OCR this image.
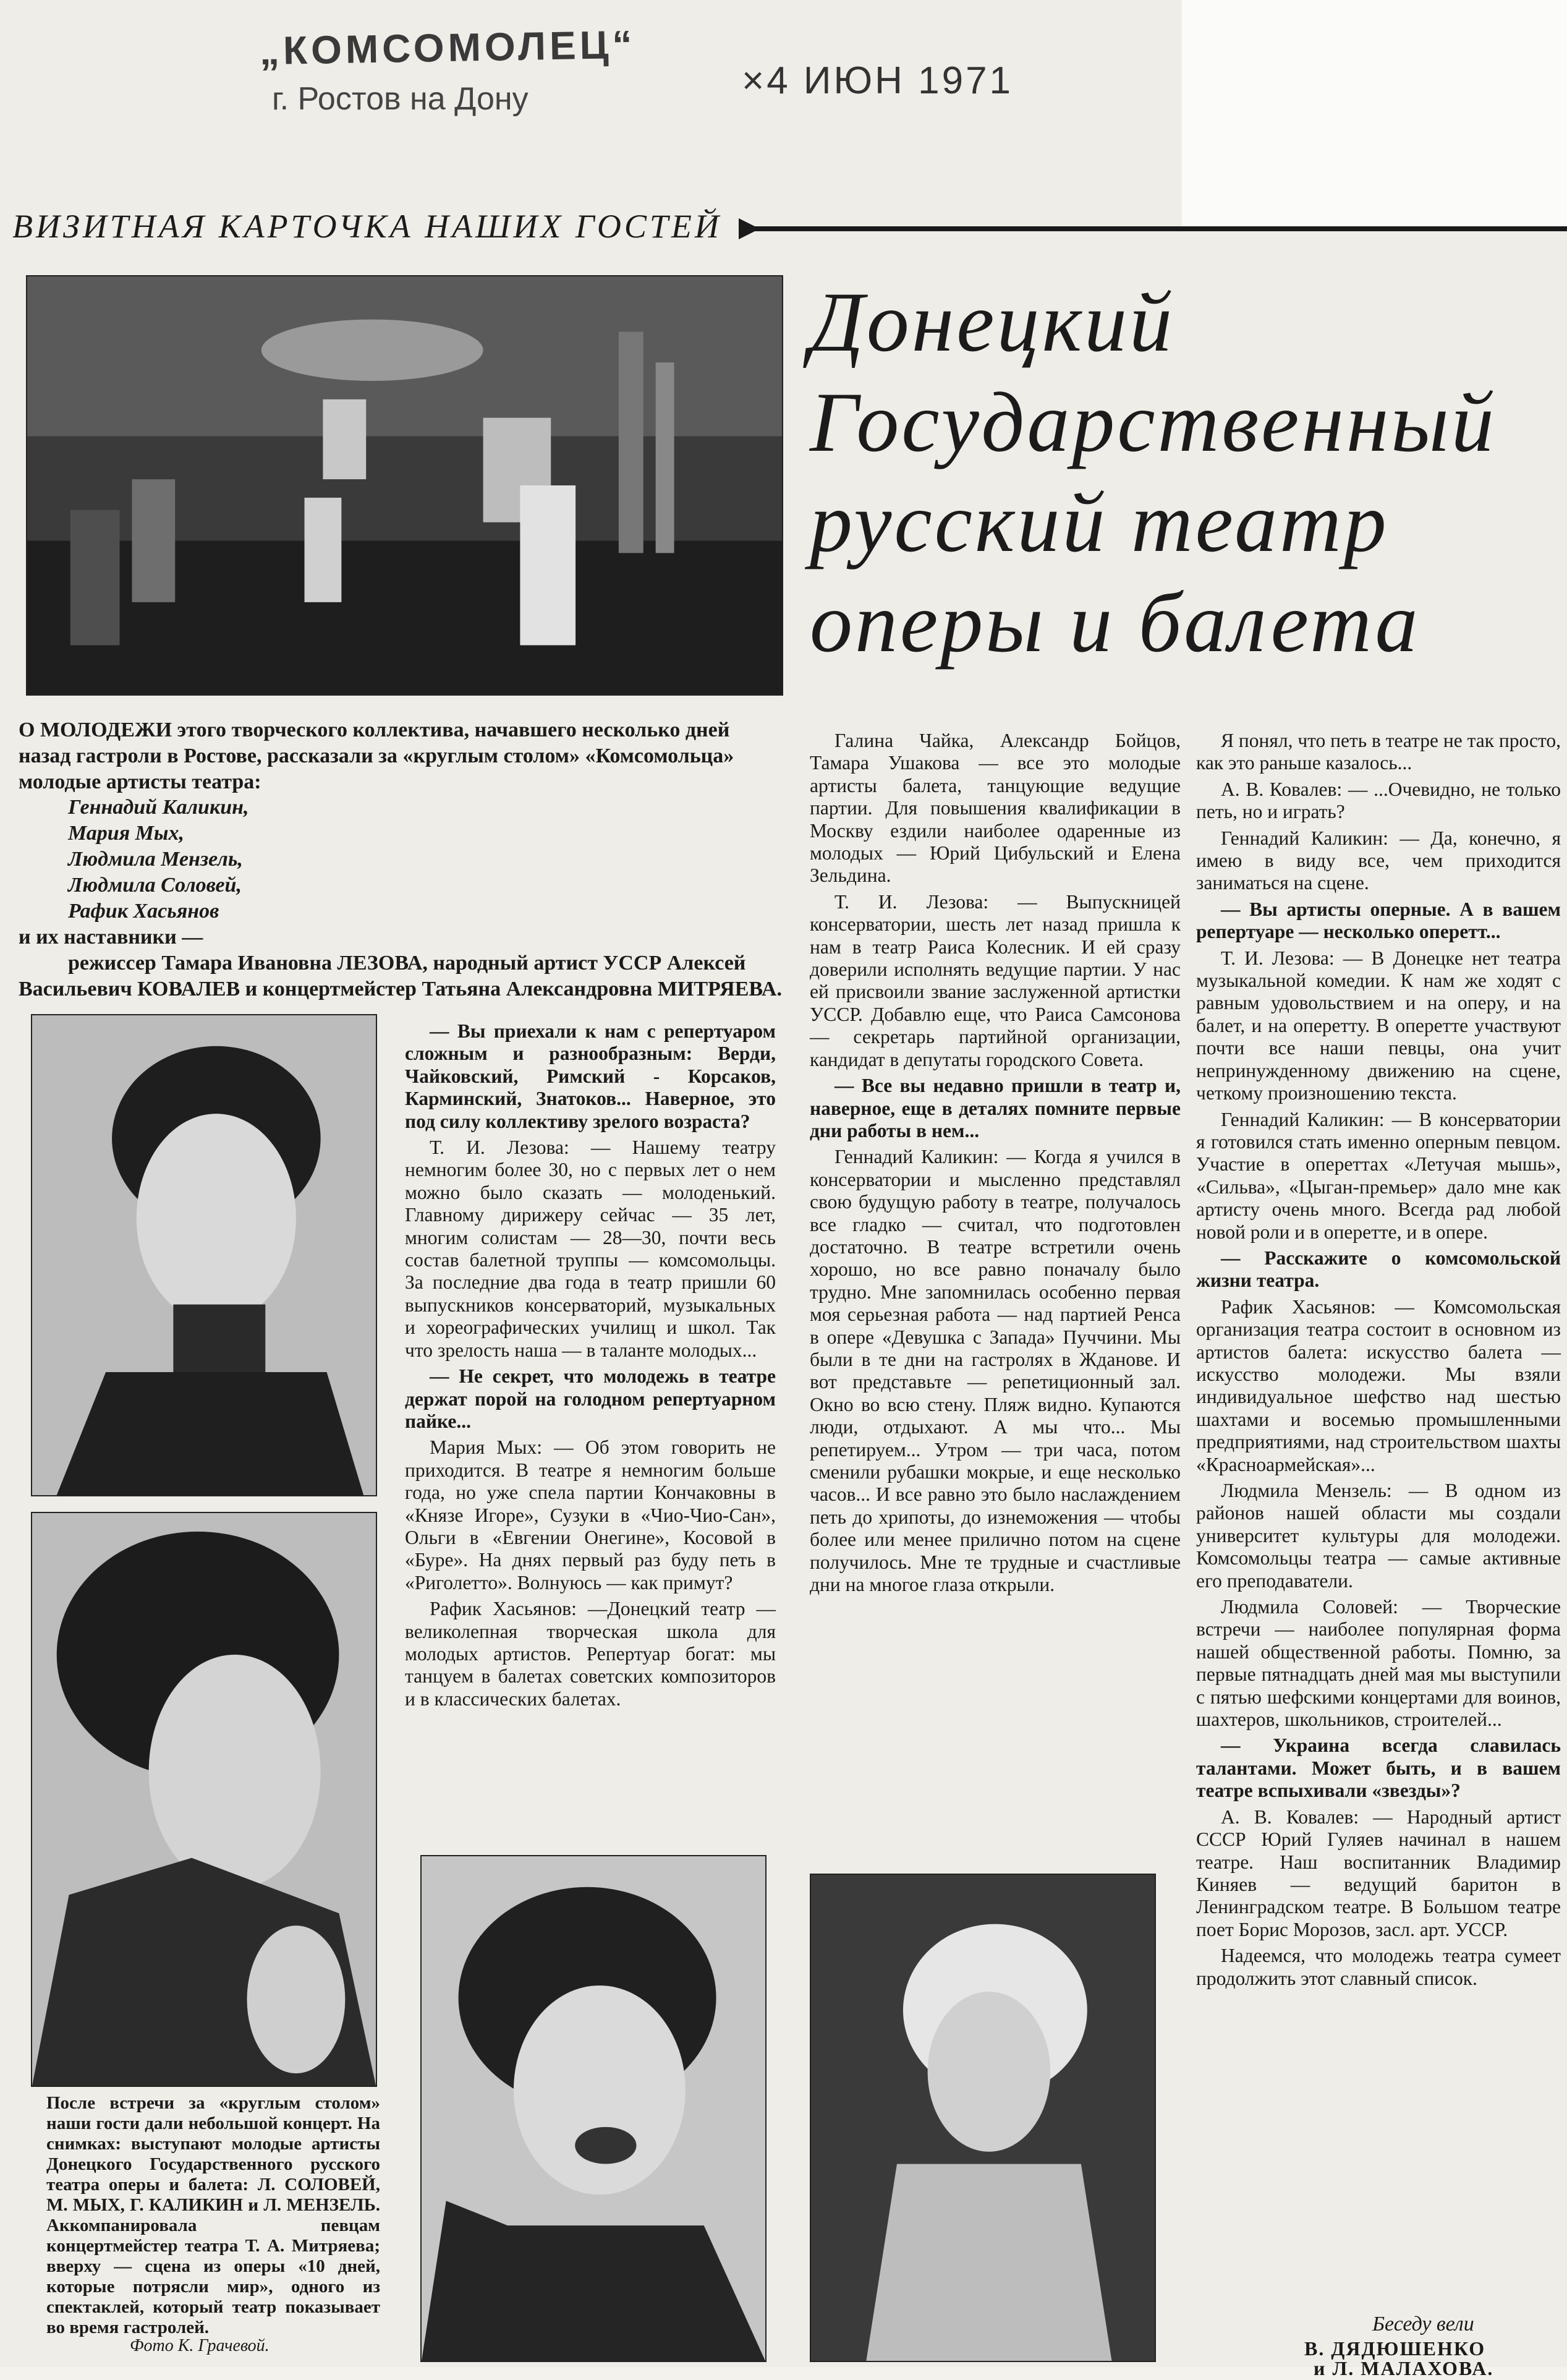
„КОМСОМОЛЕЦ“
г. Ростов на Дону	×4 ИЮН 1971
ВИЗИТНАЯ КАРТОЧКА НАШИХ ГОСТЕЙ
Донецкий Государственный русский театр оперы и балета
О МОЛОДЕЖИ этого творческого коллектива, начавшего несколько дней назад гастроли в Ростове, рассказали за «круглым столом» «Комсомольца» молодые артисты театра:
Геннадий Каликин,
Мария Мых,
Людмила Мензель,
Людмила Соловей,
Рафик Хасьянов
и их наставники —
режиссер Тамара Ивановна ЛЕЗОВА, народный артист УССР Алексей Васильевич КОВАЛЕВ и концертмейстер Татьяна Александровна МИТРЯЕВА.

— Вы приехали к нам с репертуаром сложным и разнообразным: Верди, Чайковский, Римский - Корсаков, Карминский, Знатоков... Наверное, это под силу коллективу зрелого возраста?

Т. И. Лезова: — Нашему театру немногим более 30, но с первых лет о нем можно было сказать — молоденький. Главному дирижеру сейчас — 35 лет, многим солистам — 28—30, почти весь состав балетной труппы — комсомольцы. За последние два года в театр пришли 60 выпускников консерваторий, музыкальных и хореографических училищ и школ. Так что зрелость наша — в таланте молодых...

— Не секрет, что молодежь в театре держат порой на голодном репертуарном пайке...

Мария Мых: — Об этом говорить не приходится. В театре я немногим больше года, но уже спела партии Кончаковны в «Князе Игоре», Сузуки в «Чио-Чио-Сан», Ольги в «Евгении Онегине», Косовой в «Буре». На днях первый раз буду петь в «Риголетто». Волнуюсь — как примут?

Рафик Хасьянов: —Донецкий театр — великолепная творческая школа для молодых артистов. Репертуар богат: мы танцуем в балетах советских композиторов и в классических балетах.

Галина Чайка, Александр Бойцов, Тамара Ушакова — все это молодые артисты балета, танцующие ведущие партии. Для повышения квалификации в Москву ездили наиболее одаренные из молодых — Юрий Цибульский и Елена Зельдина.

Т. И. Лезова: — Выпускницей консерватории, шесть лет назад пришла к нам в театр Раиса Колесник. И ей сразу доверили исполнять ведущие партии. У нас ей присвоили звание заслуженной артистки УССР. Добавлю еще, что Раиса Самсонова — секретарь партийной организации, кандидат в депутаты городского Совета.

— Все вы недавно пришли в театр и, наверное, еще в деталях помните первые дни работы в нем...

Геннадий Каликин: — Когда я учился в консерватории и мысленно представлял свою будущую работу в театре, получалось все гладко — считал, что подготовлен достаточно. В театре встретили очень хорошо, но все равно поначалу было трудно. Мне запомнилась особенно первая моя серьезная работа — над партией Ренса в опере «Девушка с Запада» Пуччини. Мы были в те дни на гастролях в Жданове. И вот представьте — репетиционный зал. Окно во всю стену. Пляж видно. Купаются люди, отдыхают. А мы что... Мы репетируем... Утром — три часа, потом сменили рубашки мокрые, и еще несколько часов... И все равно это было наслаждением петь до хрипоты, до изнеможения — чтобы более или менее прилично потом на сцене получилось. Мне те трудные и счастливые дни на многое глаза открыли.

Я понял, что петь в театре не так просто, как это раньше казалось...

А. В. Ковалев: — ...Очевидно, не только петь, но и играть?

Геннадий Каликин: — Да, конечно, я имею в виду все, чем приходится заниматься на сцене.

— Вы артисты оперные. А в вашем репертуаре — несколько оперетт...

Т. И. Лезова: — В Донецке нет театра музыкальной комедии. К нам же ходят с равным удовольствием и на оперу, и на балет, и на оперетту. В оперетте участвуют почти все наши певцы, она учит непринужденному движению на сцене, четкому произношению текста.

Геннадий Каликин: — В консерватории я готовился стать именно оперным певцом. Участие в опереттах «Летучая мышь», «Сильва», «Цыган-премьер» дало мне как артисту очень много. Всегда рад любой новой роли и в оперетте, и в опере.

— Расскажите о комсомольской жизни театра.

Рафик Хасьянов: — Комсомольская организация театра состоит в основном из артистов балета: искусство балета — искусство молодежи. Мы взяли индивидуальное шефство над шестью шахтами и восемью промышленными предприятиями, над строительством шахты «Красноармейская»...

Людмила Мензель: — В одном из районов нашей области мы создали университет культуры для молодежи. Комсомольцы театра — самые активные его преподаватели.

Людмила Соловей: — Творческие встречи — наиболее популярная форма нашей общественной работы. Помню, за первые пятнадцать дней мая мы выступили с пятью шефскими концертами для воинов, шахтеров, школьников, строителей...

— Украина всегда славилась талантами. Может быть, и в вашем театре вспыхивали «звезды»?

А. В. Ковалев: — Народный артист СССР Юрий Гуляев начинал в нашем театре. Наш воспитанник Владимир Киняев — ведущий баритон в Ленинградском театре. В Большом театре поет Борис Морозов, засл. арт. УССР.

Надеемся, что молодежь театра сумеет продолжить этот славный список.

После встречи за «круглым столом» наши гости дали небольшой концерт. На снимках: выступают молодые артисты Донецкого Государственного русского театра оперы и балета: Л. СОЛОВЕЙ, М. МЫХ, Г. КАЛИКИН и Л. МЕНЗЕЛЬ. Аккомпанировала певцам концертмейстер театра Т. А. Митряева; вверху — сцена из оперы «10 дней, которые потрясли мир», одного из спектаклей, который театр показывает во время гастролей.
Фото К. Грачевой.
Беседу вели
В. ДЯДЮШЕНКО
и Л. МАЛАХОВА.
